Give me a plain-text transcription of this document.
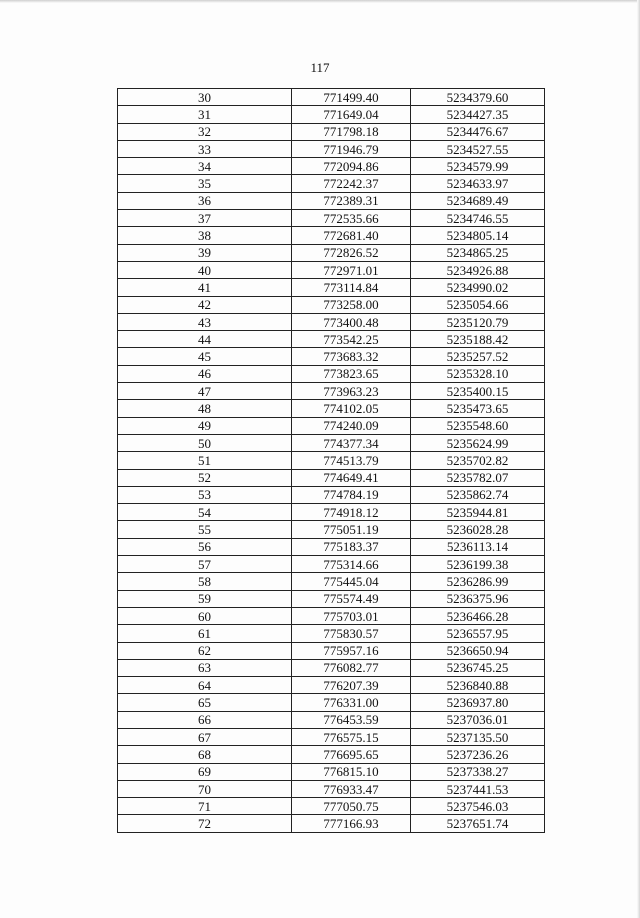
117
30	771499.40	5234379.60
31	771649.04	5234427.35
32	771798.18	5234476.67
33	771946.79	5234527.55
34	772094.86	5234579.99
35	772242.37	5234633.97
36	772389.31	5234689.49
37	772535.66	5234746.55
38	772681.40	5234805.14
39	772826.52	5234865.25
40	772971.01	5234926.88
41	773114.84	5234990.02
42	773258.00	5235054.66
43	773400.48	5235120.79
44	773542.25	5235188.42
45	773683.32	5235257.52
46	773823.65	5235328.10
47	773963.23	5235400.15
48	774102.05	5235473.65
49	774240.09	5235548.60
50	774377.34	5235624.99
51	774513.79	5235702.82
52	774649.41	5235782.07
53	774784.19	5235862.74
54	774918.12	5235944.81
55	775051.19	5236028.28
56	775183.37	5236113.14
57	775314.66	5236199.38
58	775445.04	5236286.99
59	775574.49	5236375.96
60	775703.01	5236466.28
61	775830.57	5236557.95
62	775957.16	5236650.94
63	776082.77	5236745.25
64	776207.39	5236840.88
65	776331.00	5236937.80
66	776453.59	5237036.01
67	776575.15	5237135.50
68	776695.65	5237236.26
69	776815.10	5237338.27
70	776933.47	5237441.53
71	777050.75	5237546.03
72	777166.93	5237651.74
